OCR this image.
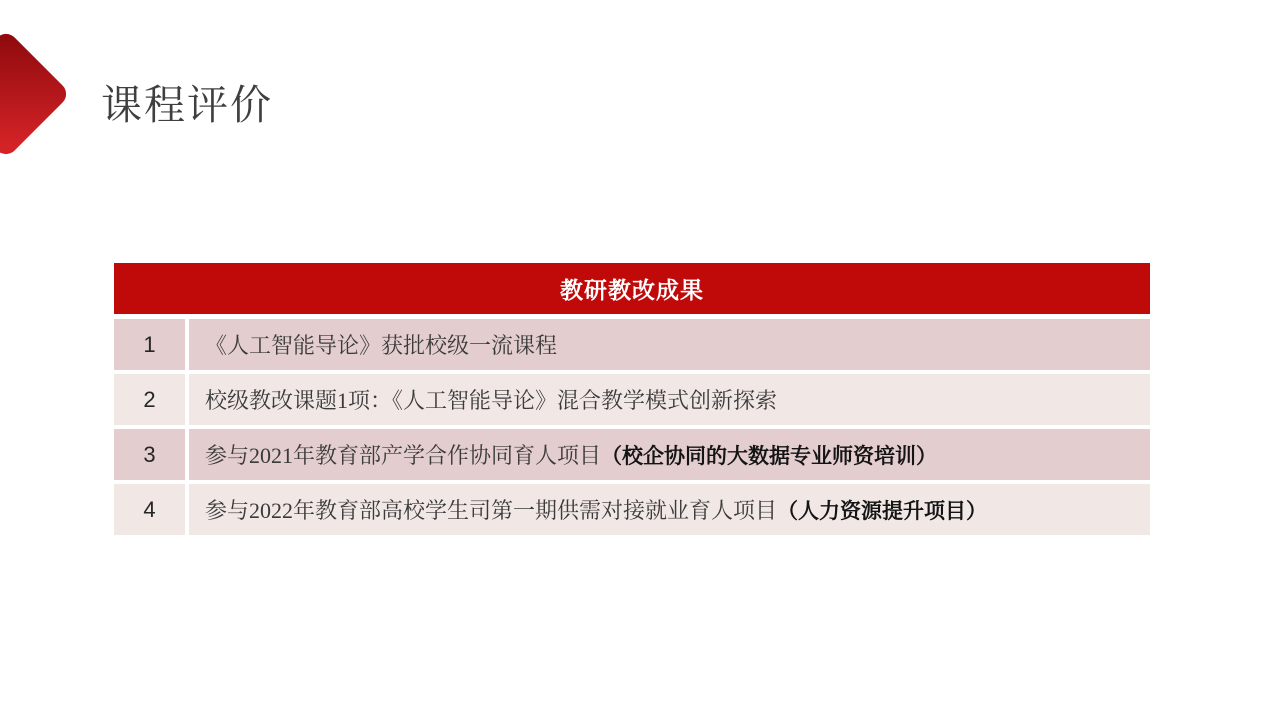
课程评价
教研教改成果
1	《人工智能导论》获批校级一流课程
2	校级教改课题1项：《人工智能导论》混合教学模式创新探索
3	参与2021年教育部产学合作协同育人项目 （校企协同的大数据专业师资培训）
4	参与2022年教育部高校学生司第一期供需对接就业育人项目 （人力资源提升项目）
